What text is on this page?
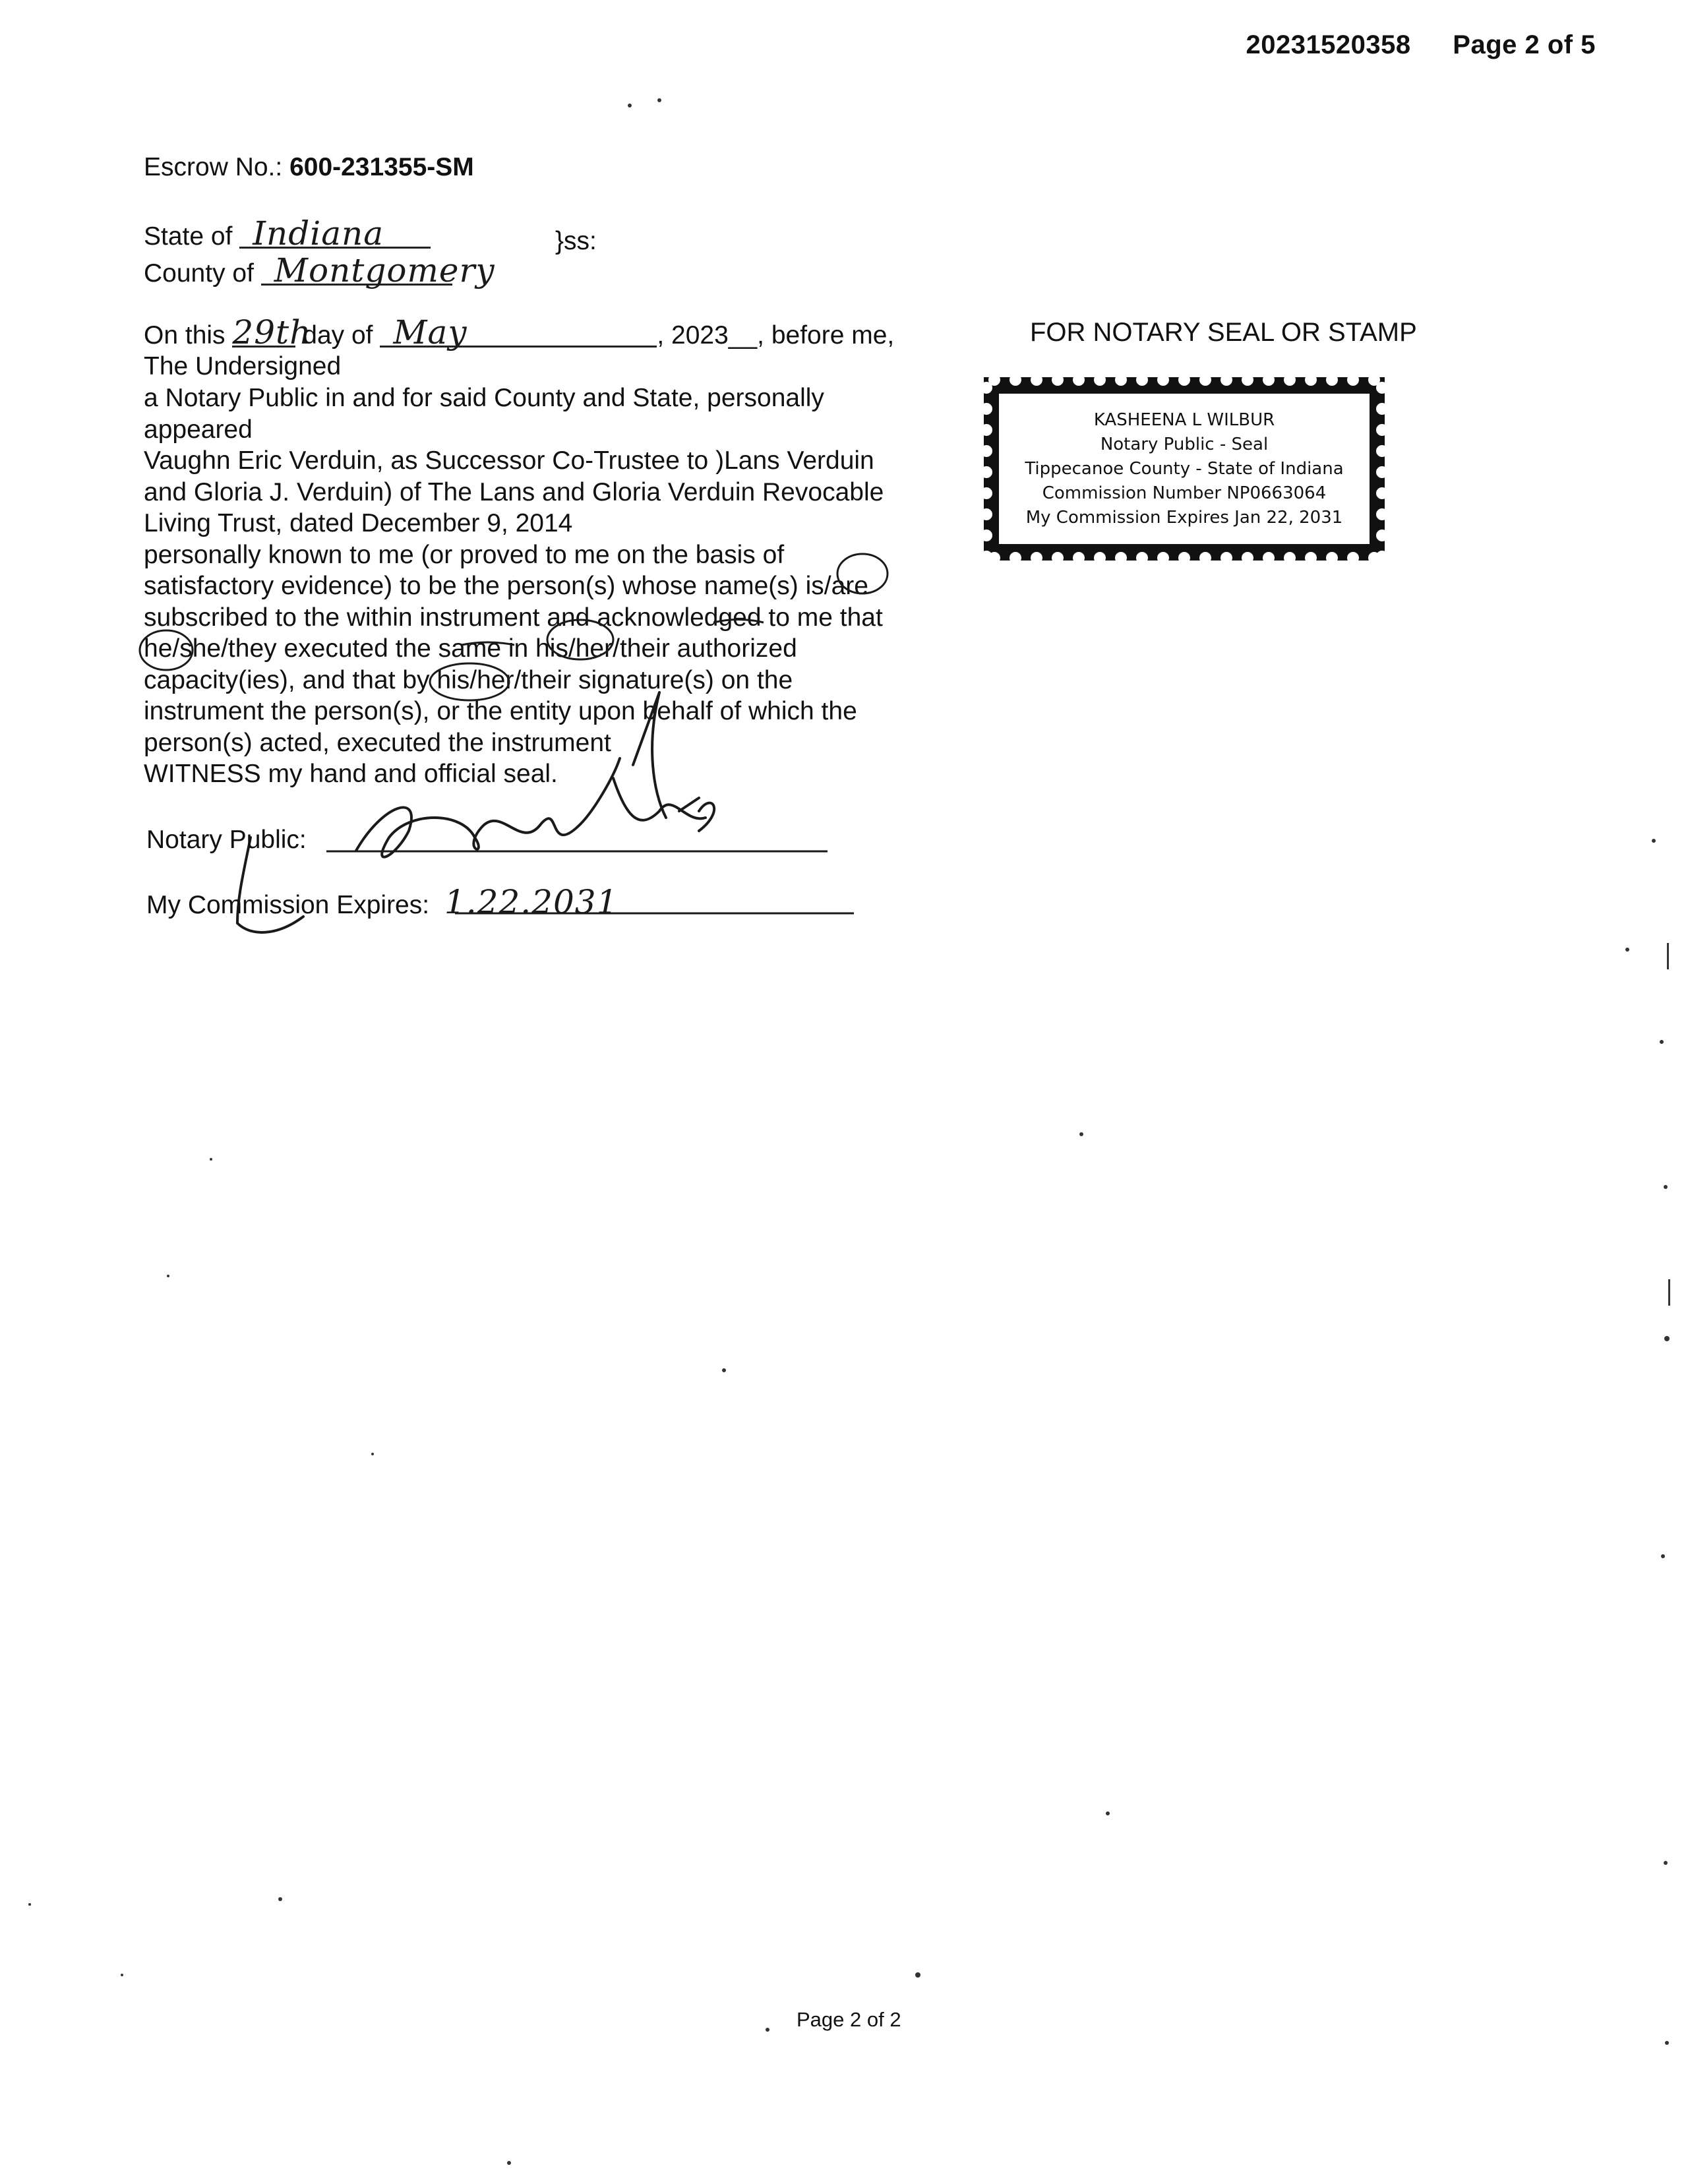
20231520358 Page 2 of 5
Escrow No.: 600-231355-SM
State of Indiana	}ss:
County of Montgomery
On this 29th day of May	, 2023__, before me,
The Undersigned
a Notary Public in and for said County and State, personally
appeared
Vaughn Eric Verduin, as Successor Co-Trustee to )Lans Verduin
and Gloria J. Verduin) of The Lans and Gloria Verduin Revocable
Living Trust, dated December 9, 2014
personally known to me (or proved to me on the basis of
satisfactory evidence) to be the person(s) whose name(s) is/are
subscribed to the within instrument and acknowledged to me that
he/she/they executed the same in his/her/their authorized
capacity(ies), and that by his/her/their signature(s) on the
instrument the person(s), or the entity upon behalf of which the
person(s) acted, executed the instrument
WITNESS my hand and official seal.
Notary Public:
My Commission Expires: 1.22.2031
FOR NOTARY SEAL OR STAMP
KASHEENA L WILBUR
Notary Public - Seal
Tippecanoe County - State of Indiana
Commission Number NP0663064
My Commission Expires Jan 22, 2031
Page 2 of 2
